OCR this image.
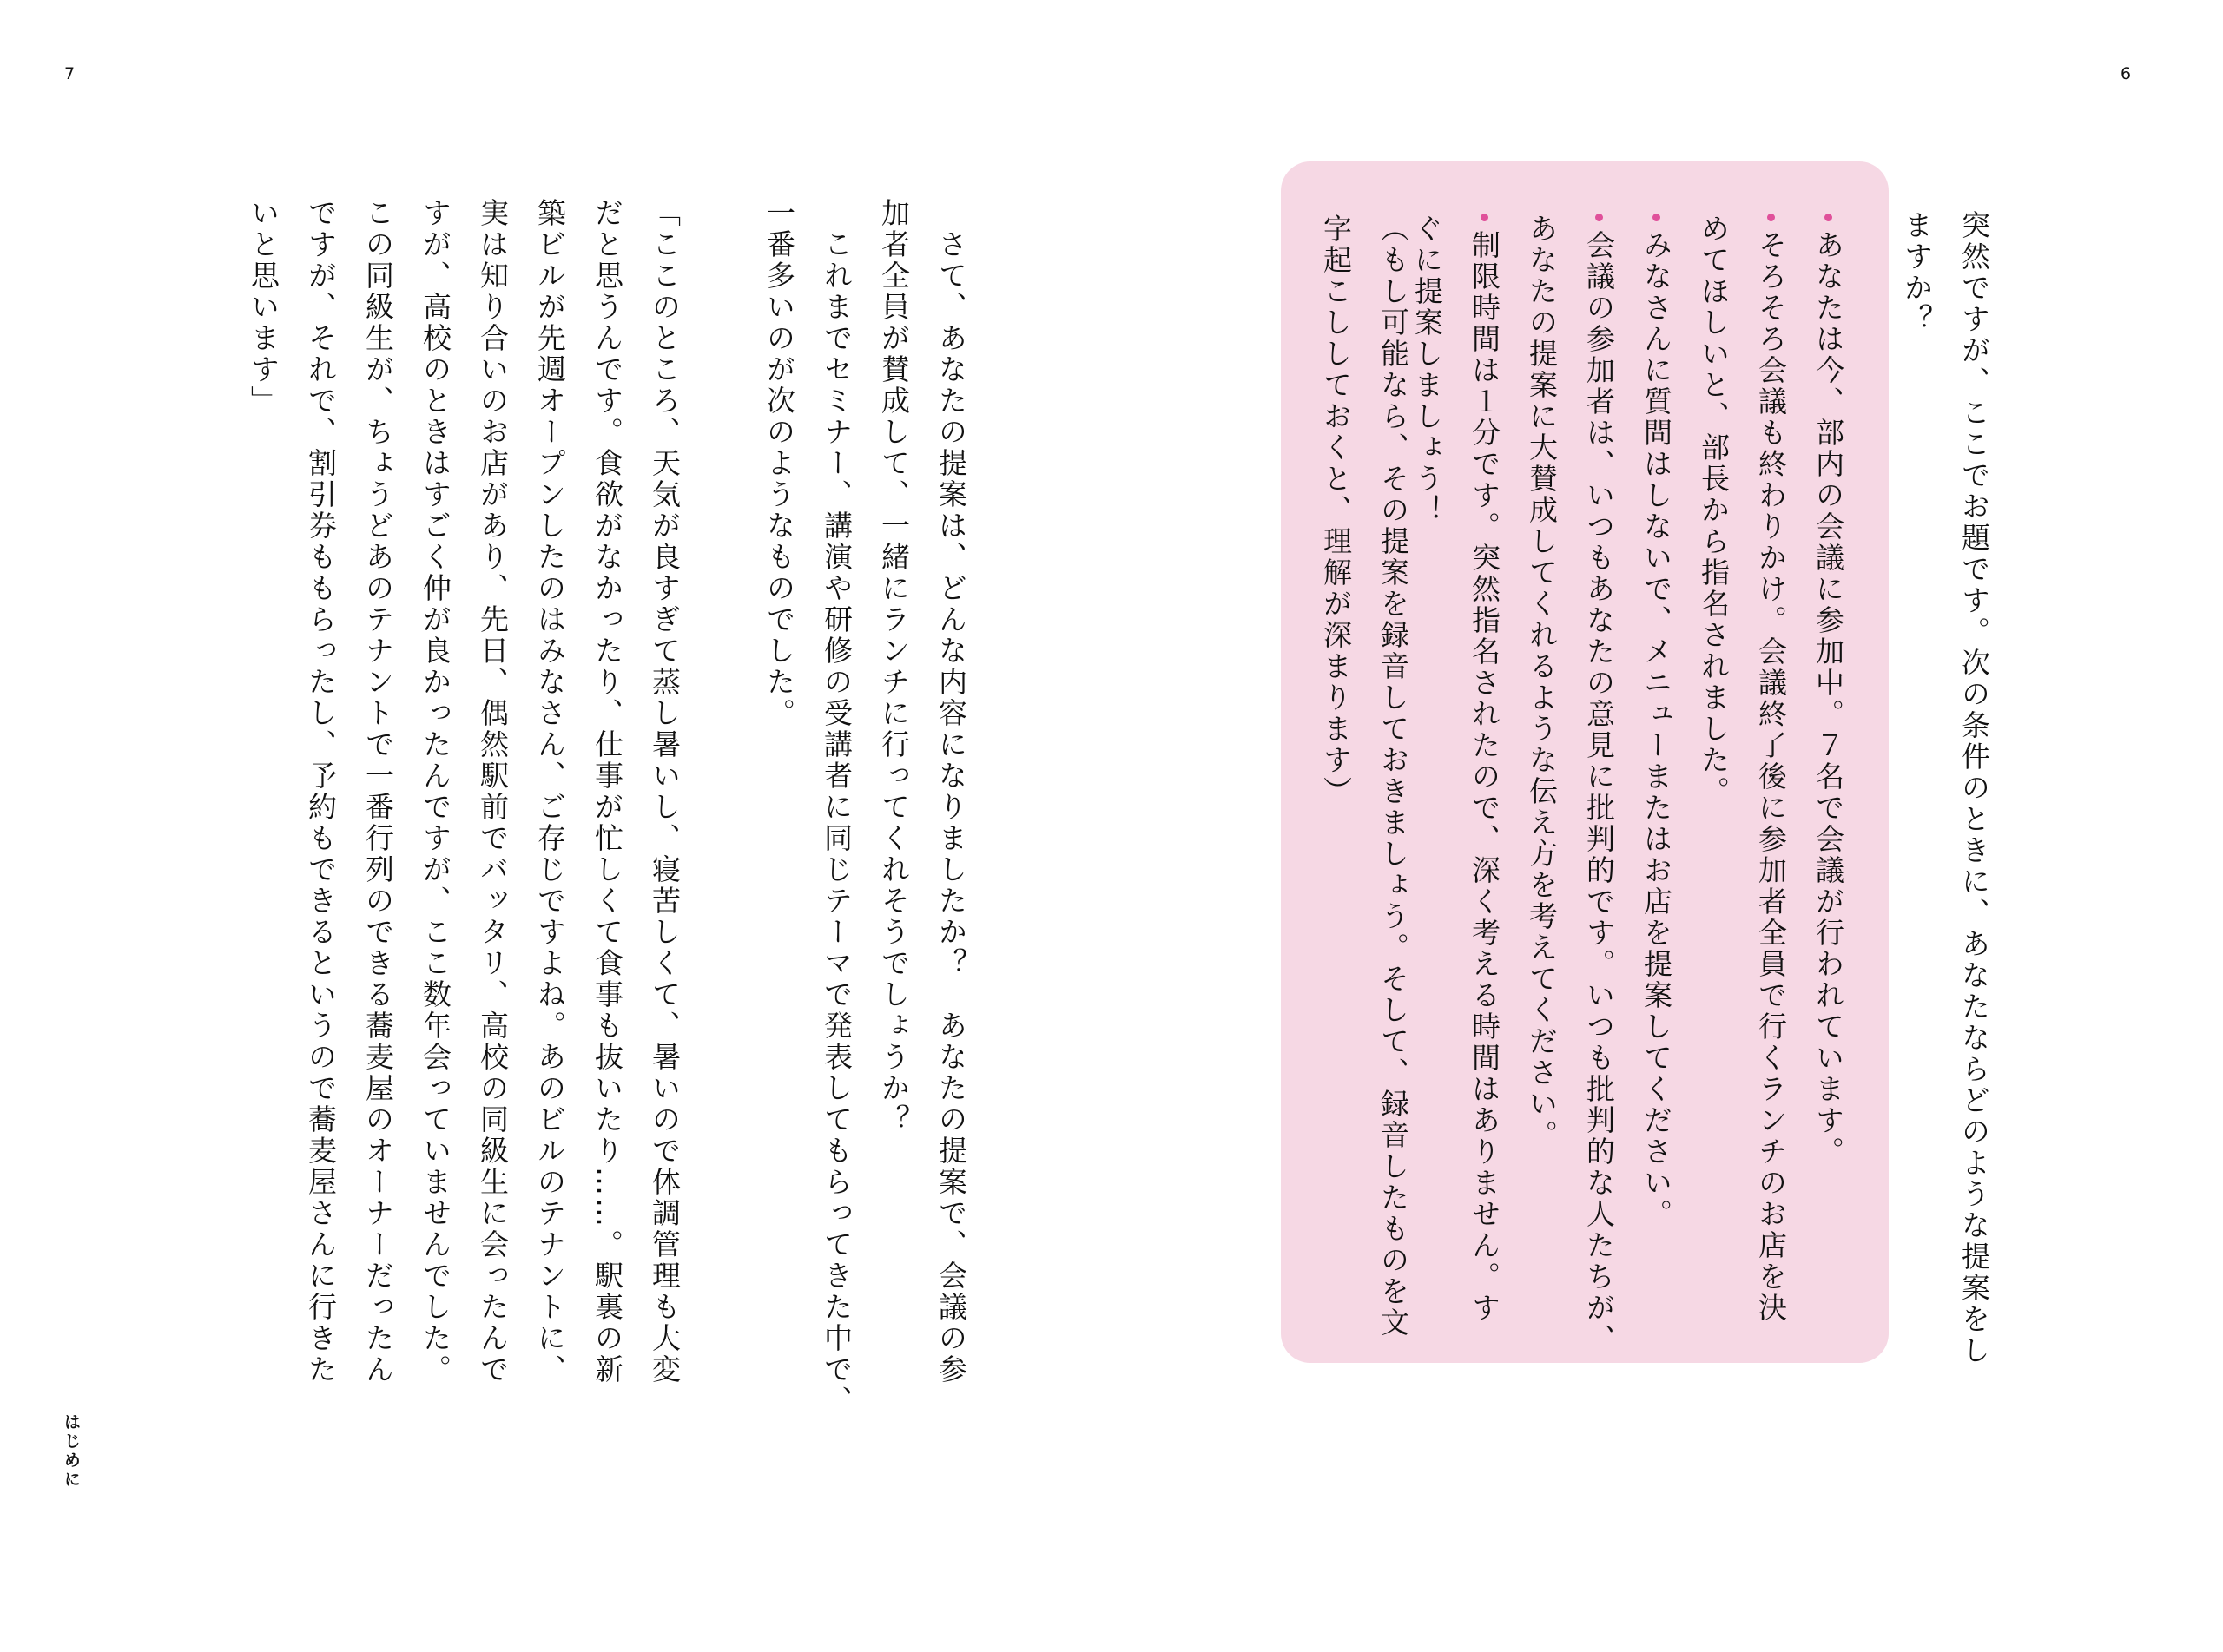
7	6
はじめに

突然ですが、ここでお題です。次の条件のときに、あなたならどのような提案をし
ますか？

あなたは今、部内の会議に参加中。７名で会議が行われています。
そろそろ会議も終わりかけ。会議終了後に参加者全員で行くランチのお店を決
めてほしいと、部長から指名されました。
みなさんに質問はしないで、メニューまたはお店を提案してください。
会議の参加者は、いつもあなたの意見に批判的です。いつも批判的な人たちが、
あなたの提案に大賛成してくれるような伝え方を考えてください。
制限時間は１分です。突然指名されたので、深く考える時間はありません。す
ぐに提案しましょう！

（もし可能なら、その提案を録音しておきましょう。そして、録音したものを文
字起こししておくと、理解が深まります）

　さて、あなたの提案は、どんな内容になりましたか？　あなたの提案で、会議の参
加者全員が賛成して、一緒にランチに行ってくれそうでしょうか？
　これまでセミナー、講演や研修の受講者に同じテーマで発表してもらってきた中で、
一番多いのが次のようなものでした。

「ここのところ、天気が良すぎて蒸し暑いし、寝苦しくて、暑いので体調管理も大変
だと思うんです。食欲がなかったり、仕事が忙しくて食事も抜いたり……。駅裏の新
築ビルが先週オープンしたのはみなさん、ご存じですよね。あのビルのテナントに、
実は知り合いのお店があり、先日、偶然駅前でバッタリ、高校の同級生に会ったんで
すが、高校のときはすごく仲が良かったんですが、ここ数年会っていませんでした。
この同級生が、ちょうどあのテナントで一番行列のできる蕎麦屋のオーナーだったん
ですが、それで、割引券ももらったし、予約もできるというので蕎麦屋さんに行きた
いと思います」
